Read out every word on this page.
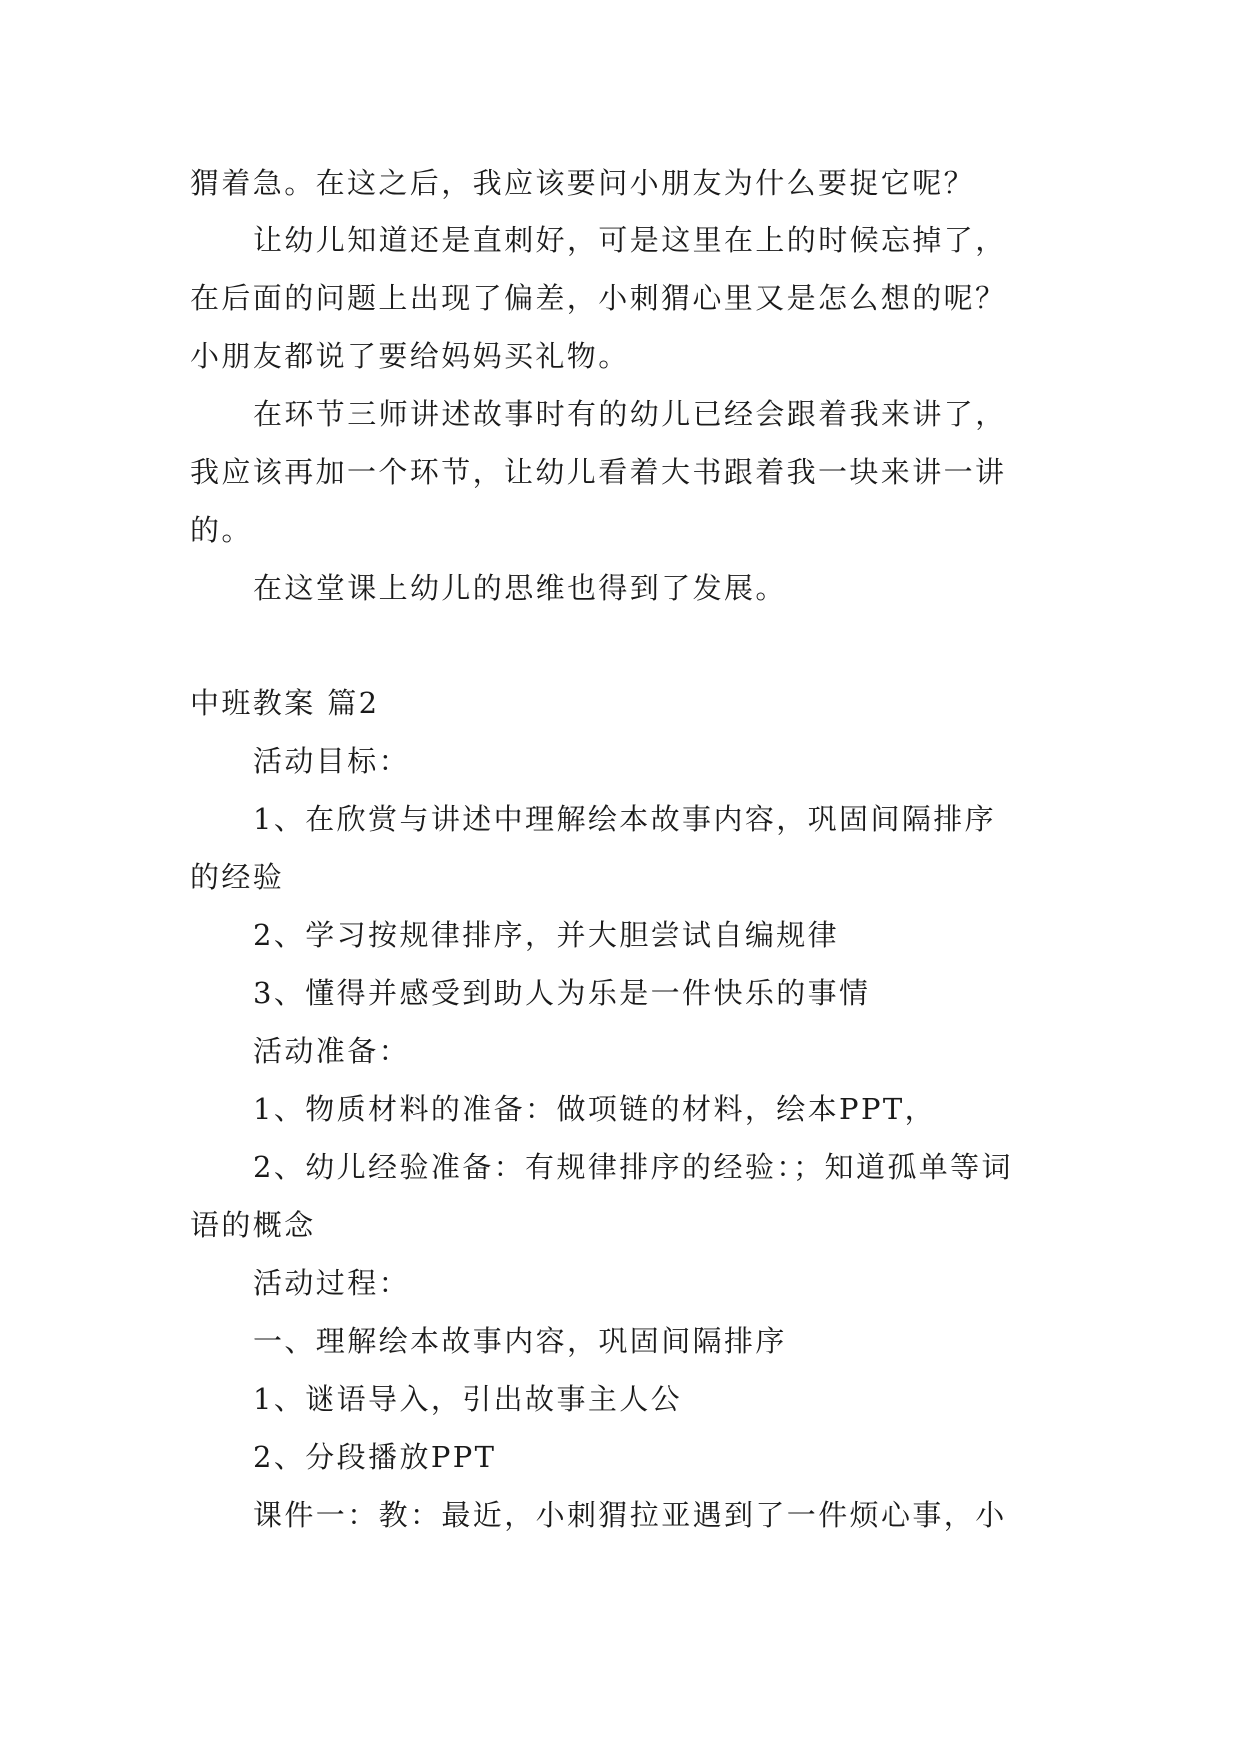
猬着急。在这之后，我应该要问小朋友为什么要捉它呢？
让幼儿知道还是直刺好，可是这里在上的时候忘掉了，
在后面的问题上出现了偏差，小刺猬心里又是怎么想的呢？
小朋友都说了要给妈妈买礼物。
在环节三师讲述故事时有的幼儿已经会跟着我来讲了，
我应该再加一个环节，让幼儿看着大书跟着我一块来讲一讲
的。
在这堂课上幼儿的思维也得到了发展。
中班教案 篇2
活动目标：
1、在欣赏与讲述中理解绘本故事内容，巩固间隔排序
的经验
2、学习按规律排序，并大胆尝试自编规律
3、懂得并感受到助人为乐是一件快乐的事情
活动准备：
1、物质材料的准备：做项链的材料，绘本PPT，
2、幼儿经验准备：有规律排序的经验：；知道孤单等词
语的概念
活动过程：
一、理解绘本故事内容，巩固间隔排序
1、谜语导入，引出故事主人公
2、分段播放PPT
课件一：教：最近，小刺猬拉亚遇到了一件烦心事，小
